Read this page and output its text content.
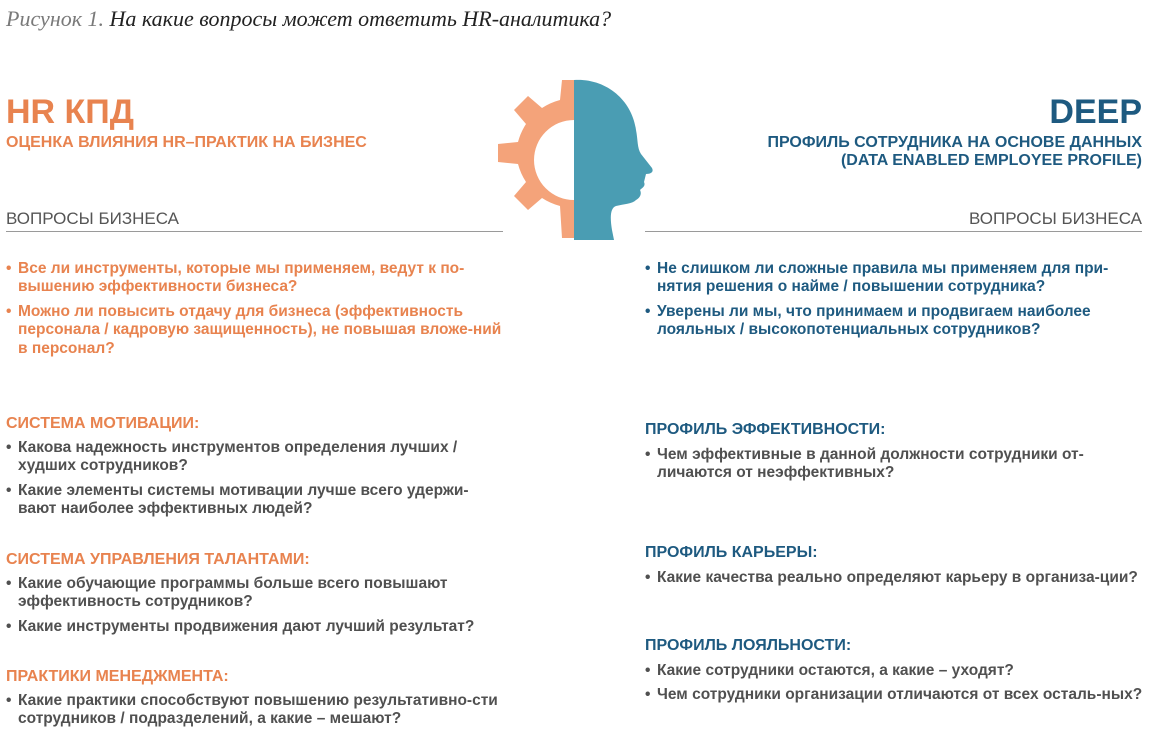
Рисунок 1. На какие вопросы может ответить HR-аналитика?
HR КПД
ОЦЕНКА ВЛИЯНИЯ HR–ПРАКТИК НА БИЗНЕС
DEEP
ПРОФИЛЬ СОТРУДНИКА НА ОСНОВЕ ДАННЫХ
(DATA ENABLED EMPLOYEE PROFILE)
ВОПРОСЫ БИЗНЕСА	ВОПРОСЫ БИЗНЕСА
• Все ли инструменты, которые мы применяем, ведут к по-вышению эффективности бизнеса?
• Можно ли повысить отдачу для бизнеса (эффективность персонала / кадровую защищенность), не повышая вложе-ний в персонал?
• Не слишком ли сложные правила мы применяем для при-нятия решения о найме / повышении сотрудника?
• Уверены ли мы, что принимаем и продвигаем наиболее лояльных / высокопотенциальных сотрудников?
СИСТЕМА МОТИВАЦИИ:
• Какова надежность инструментов определения лучших / худших сотрудников?
• Какие элементы системы мотивации лучше всего удержи-вают наиболее эффективных людей?
СИСТЕМА УПРАВЛЕНИЯ ТАЛАНТАМИ:
• Какие обучающие программы больше всего повышают эффективность сотрудников?
• Какие инструменты продвижения дают лучший результат?
ПРАКТИКИ МЕНЕДЖМЕНТА:
• Какие практики способствуют повышению результативно-сти сотрудников / подразделений, а какие – мешают?
ПРОФИЛЬ ЭФФЕКТИВНОСТИ:
• Чем эффективные в данной должности сотрудники от-личаются от неэффективных?
ПРОФИЛЬ КАРЬЕРЫ:
• Какие качества реально определяют карьеру в организа-ции?
ПРОФИЛЬ ЛОЯЛЬНОСТИ:
• Какие сотрудники остаются, а какие – уходят?
• Чем сотрудники организации отличаются от всех осталь-ных?
